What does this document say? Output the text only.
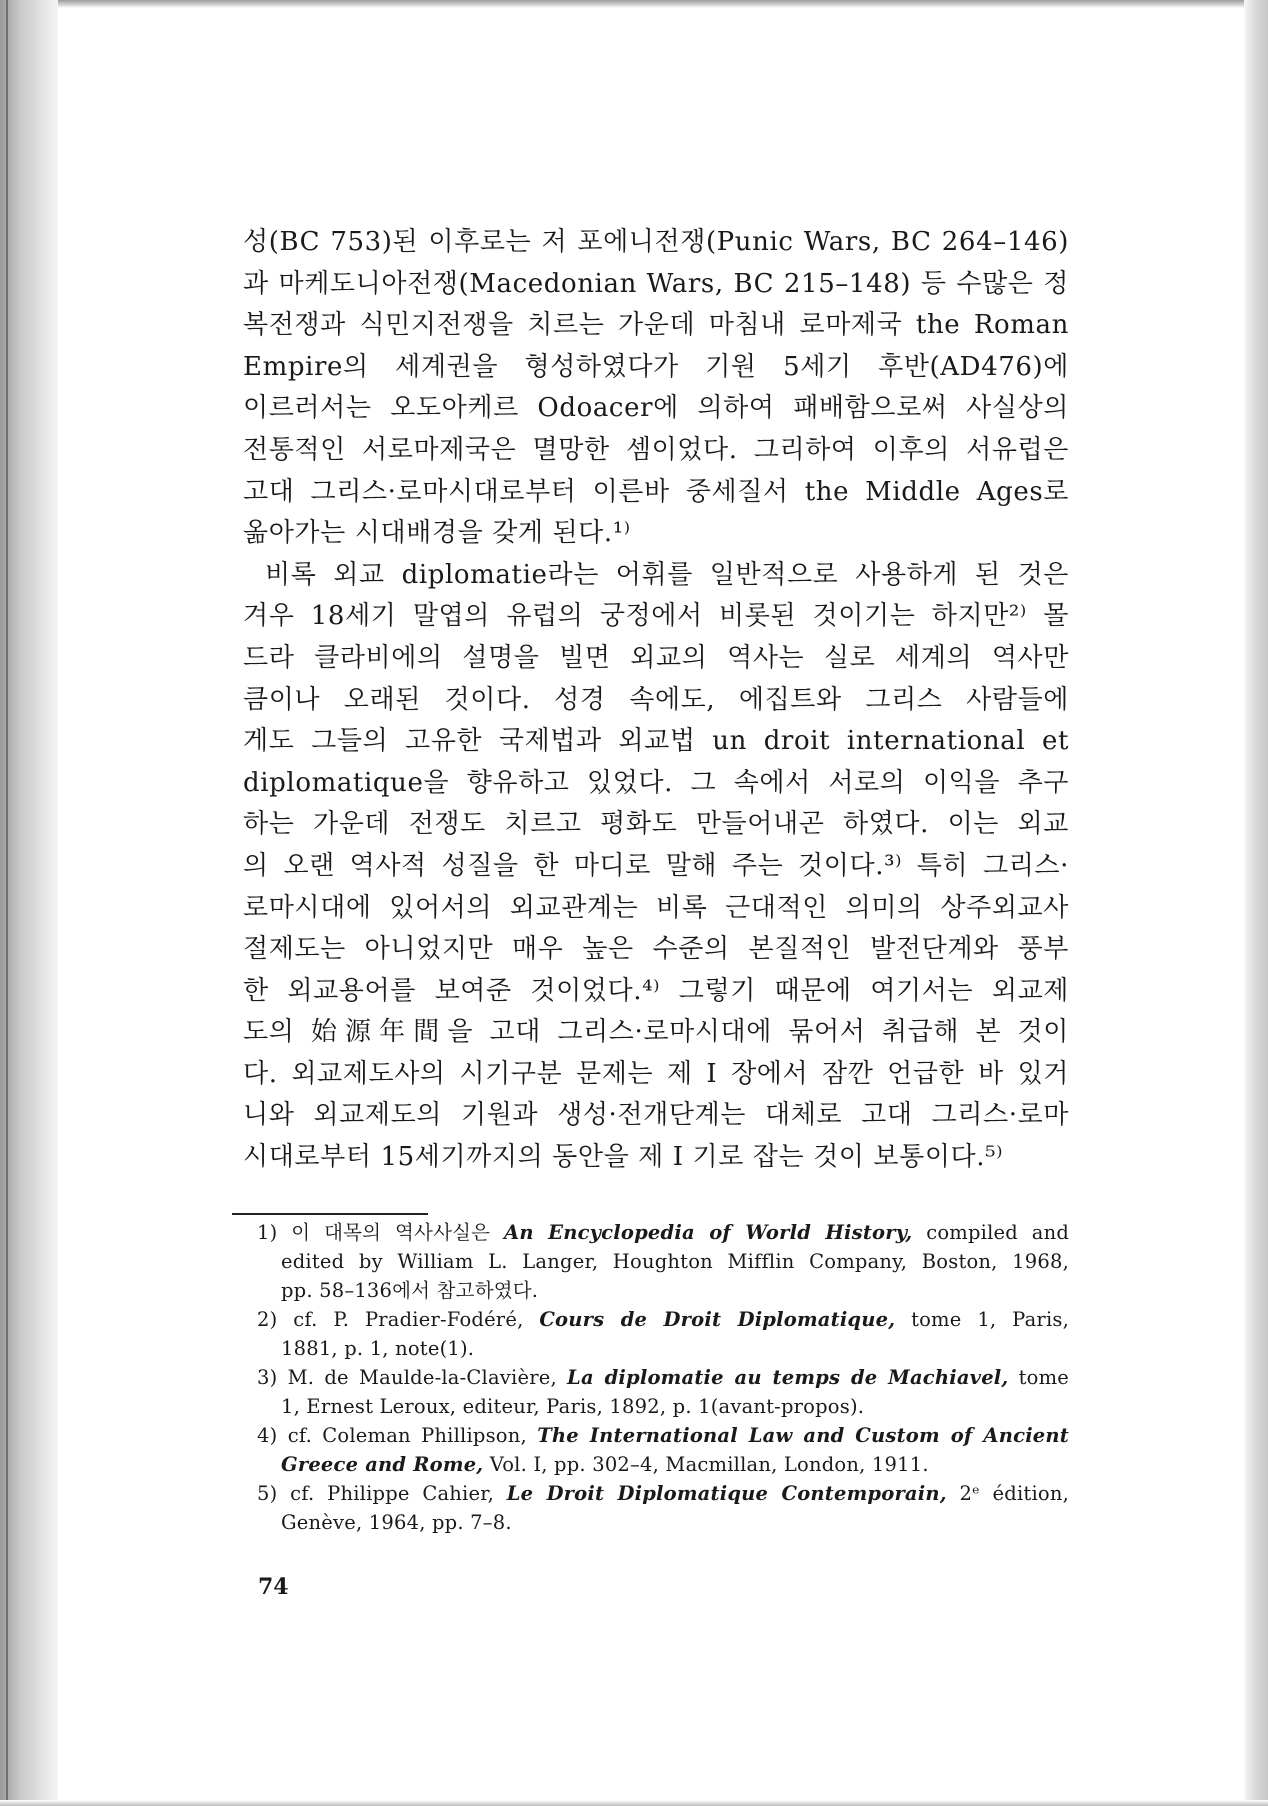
성(BC 753)된 이후로는 저 포에니전쟁(Punic Wars, BC 264–146)
과 마케도니아전쟁(Macedonian Wars, BC 215–148) 등 수많은 정
복전쟁과 식민지전쟁을 치르는 가운데 마침내 로마제국 the Roman
Empire의 세계권을 형성하였다가 기원 5세기 후반(AD476)에
이르러서는 오도아케르 Odoacer에 의하여 패배함으로써 사실상의
전통적인 서로마제국은 멸망한 셈이었다. 그리하여 이후의 서유럽은
고대 그리스·로마시대로부터 이른바 중세질서 the Middle Ages로
옮아가는 시대배경을 갖게 된다.¹⁾
비록 외교 diplomatie라는 어휘를 일반적으로 사용하게 된 것은
겨우 18세기 말엽의 유럽의 궁정에서 비롯된 것이기는 하지만²⁾ 몰
드라 클라비에의 설명을 빌면 외교의 역사는 실로 세계의 역사만
큼이나 오래된 것이다. 성경 속에도, 에집트와 그리스 사람들에
게도 그들의 고유한 국제법과 외교법 un droit international et
diplomatique을 향유하고 있었다. 그 속에서 서로의 이익을 추구
하는 가운데 전쟁도 치르고 평화도 만들어내곤 하였다. 이는 외교
의 오랜 역사적 성질을 한 마디로 말해 주는 것이다.³⁾ 특히 그리스·
로마시대에 있어서의 외교관계는 비록 근대적인 의미의 상주외교사
절제도는 아니었지만 매우 높은 수준의 본질적인 발전단계와 풍부
한 외교용어를 보여준 것이었다.⁴⁾ 그렇기 때문에 여기서는 외교제
도의 始源年間을 고대 그리스·로마시대에 묶어서 취급해 본 것이
다. 외교제도사의 시기구분 문제는 제 I 장에서 잠깐 언급한 바 있거
니와 외교제도의 기원과 생성·전개단계는 대체로 고대 그리스·로마
시대로부터 15세기까지의 동안을 제 I 기로 잡는 것이 보통이다.⁵⁾
1) 이 대목의 역사사실은 An Encyclopedia of World History, compiled and
edited by William L. Langer, Houghton Mifflin Company, Boston, 1968,
pp. 58–136에서 참고하였다.
2) cf. P. Pradier-Fodéré, Cours de Droit Diplomatique, tome 1, Paris,
1881, p. 1, note(1).
3) M. de Maulde-la-Clavière, La diplomatie au temps de Machiavel, tome
1, Ernest Leroux, editeur, Paris, 1892, p. 1(avant-propos).
4) cf. Coleman Phillipson, The International Law and Custom of Ancient
Greece and Rome, Vol. I, pp. 302–4, Macmillan, London, 1911.
5) cf. Philippe Cahier, Le Droit Diplomatique Contemporain, 2ᵉ édition,
Genève, 1964, pp. 7–8.
74
